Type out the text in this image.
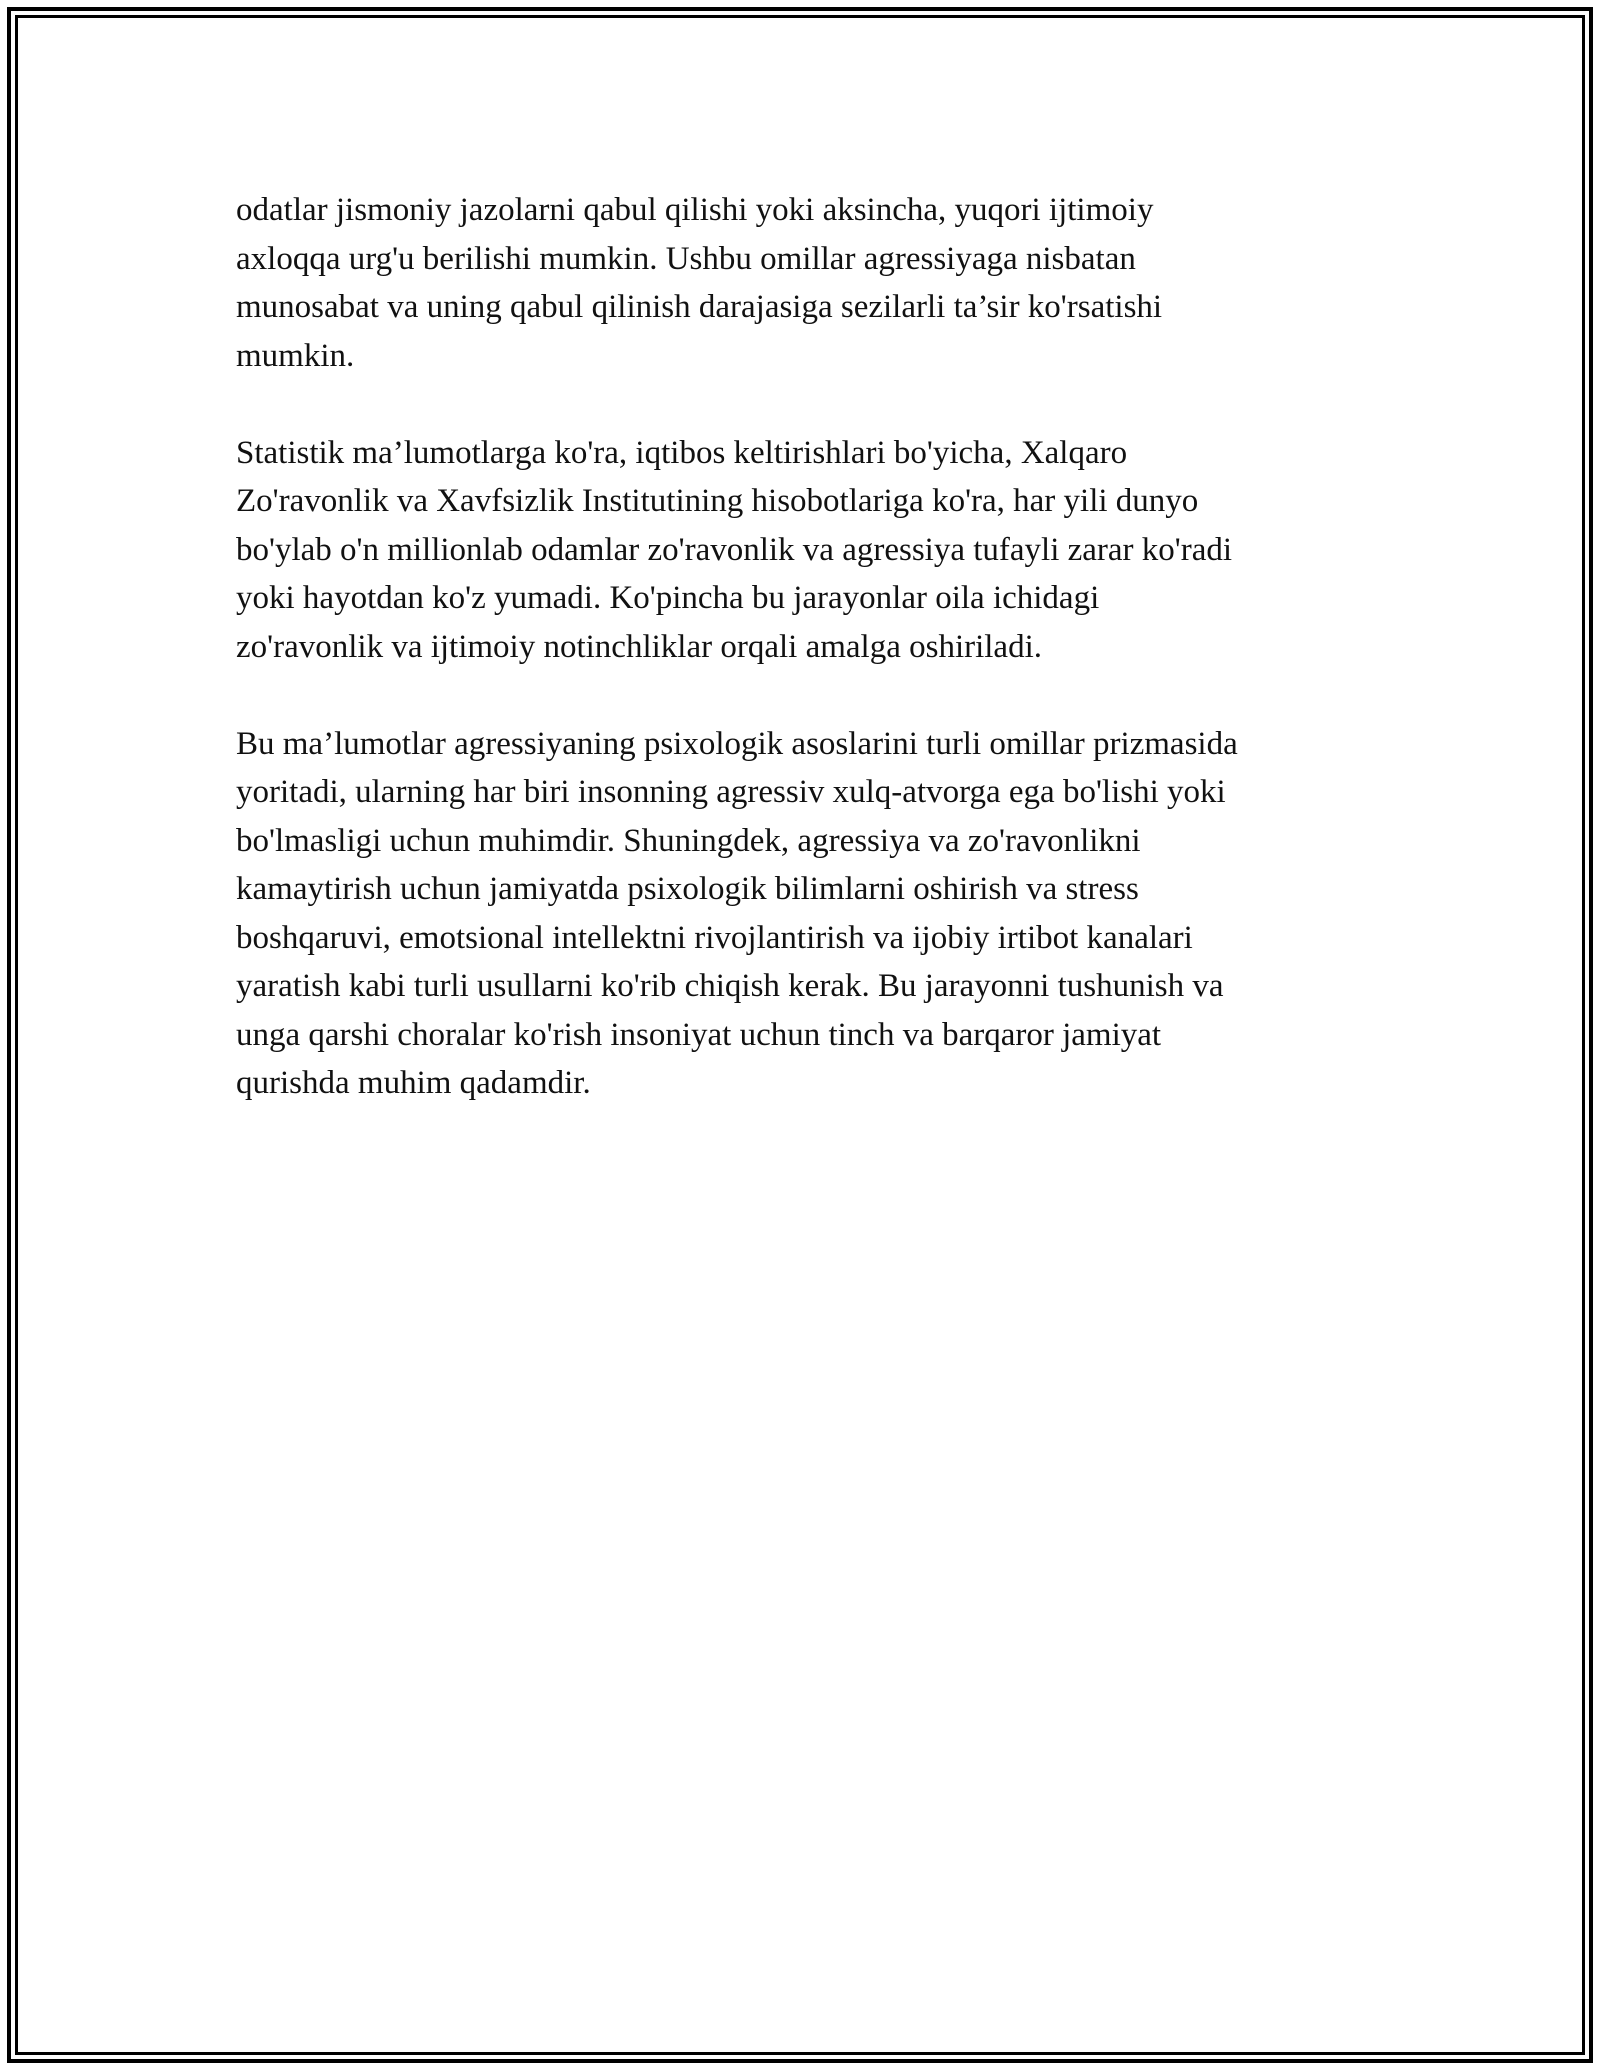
odatlar jismoniy jazolarni qabul qilishi yoki aksincha, yuqori ijtimoiy
axloqqa urg'u berilishi mumkin. Ushbu omillar agressiyaga nisbatan
munosabat va uning qabul qilinish darajasiga sezilarli ta’sir ko'rsatishi
mumkin.

Statistik ma’lumotlarga ko'ra, iqtibos keltirishlari bo'yicha, Xalqaro
Zo'ravonlik va Xavfsizlik Institutining hisobotlariga ko'ra, har yili dunyo
bo'ylab o'n millionlab odamlar zo'ravonlik va agressiya tufayli zarar ko'radi
yoki hayotdan ko'z yumadi. Ko'pincha bu jarayonlar oila ichidagi
zo'ravonlik va ijtimoiy notinchliklar orqali amalga oshiriladi.

Bu ma’lumotlar agressiyaning psixologik asoslarini turli omillar prizmasida
yoritadi, ularning har biri insonning agressiv xulq-atvorga ega bo'lishi yoki
bo'lmasligi uchun muhimdir. Shuningdek, agressiya va zo'ravonlikni
kamaytirish uchun jamiyatda psixologik bilimlarni oshirish va stress
boshqaruvi, emotsional intellektni rivojlantirish va ijobiy irtibot kanalari
yaratish kabi turli usullarni ko'rib chiqish kerak. Bu jarayonni tushunish va
unga qarshi choralar ko'rish insoniyat uchun tinch va barqaror jamiyat
qurishda muhim qadamdir.
